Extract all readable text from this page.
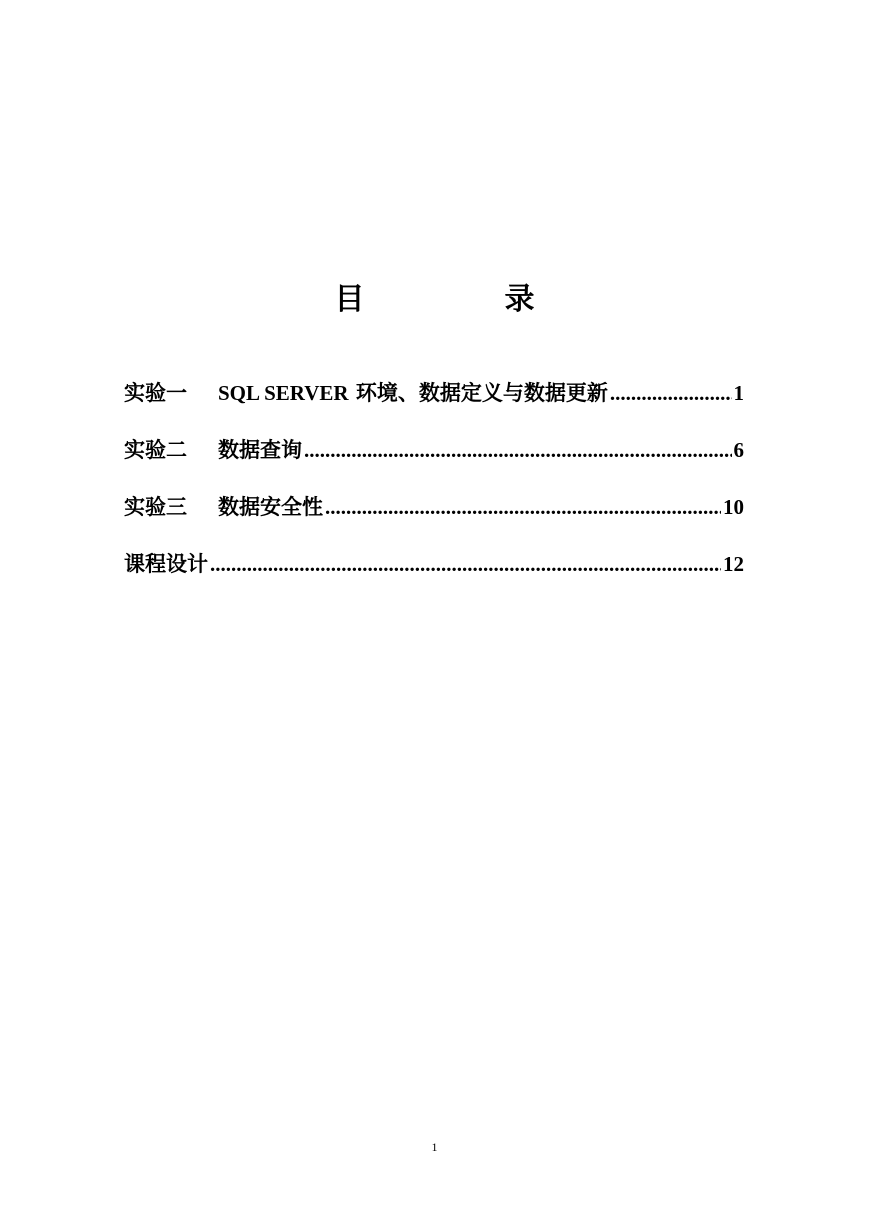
目	录
实验一 SQL SERVER 环境、数据定义与数据更新 .....	1
实验二 数据查询 .....	6
实验三 数据安全性 .....	10
课程设计 .....	12
1
